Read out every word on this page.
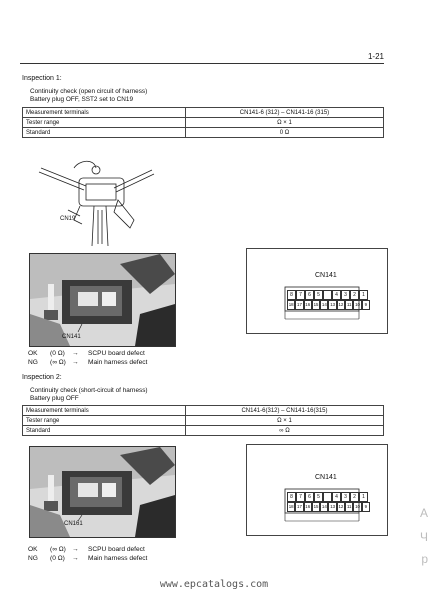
1-21
Inspection 1:
Continuity check (open circuit of harness)
Battery plug OFF, SST2 set to CN19
Measurement terminals	CN141-6 (312) – CN141-16 (315)
Tester range	Ω × 1
Standard	0 Ω
CN19
CN141
CN141
8	7	6	5	4	3	2	1
18 17 16 15 14 13 12 11 10	9
OK (0 Ω) → SCPU board defect
NG (∞ Ω) → Main harness defect
Inspection 2:
Continuity check (short-circuit of harness)
Battery plug OFF
Measurement terminals	CN141-6(312) – CN141-16(315)
Tester range	Ω × 1
Standard	∞ Ω
CN161
CN141
8	7	6	5	4	3	2	1
18 17 16 15 14 13 12 11 10	9
OK (∞ Ω) → SCPU board defect
NG (0 Ω) → Main harness defect
А
Ч
р
www.epcatalogs.com
